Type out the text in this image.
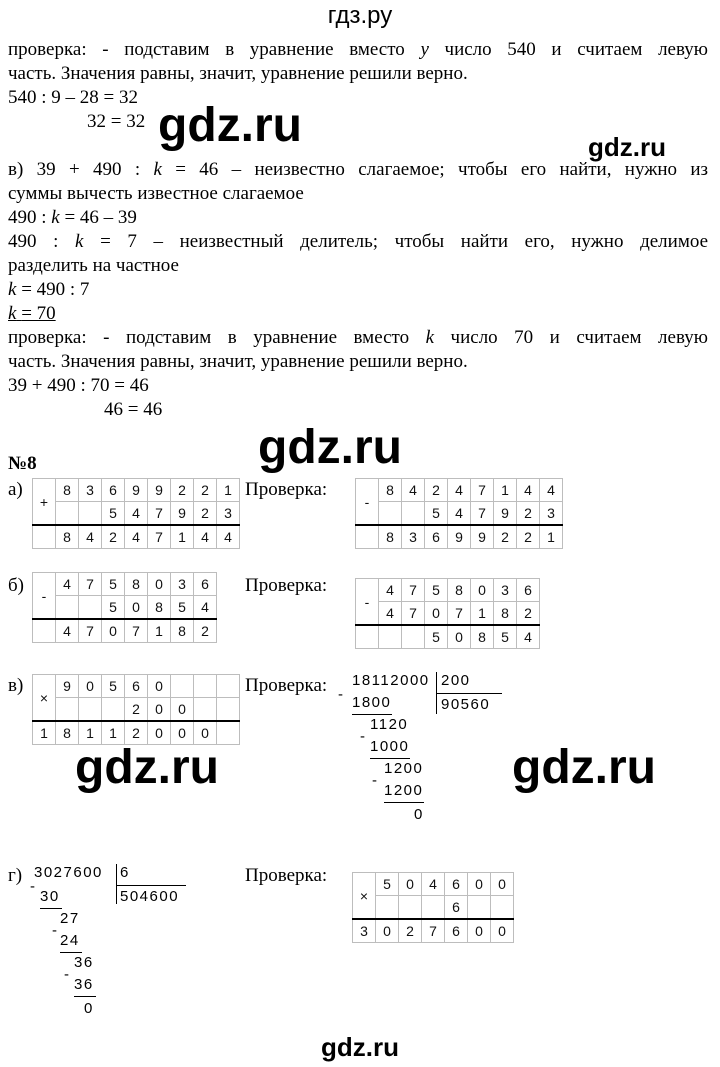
гдз.ру
проверка: - подставим в уравнение вместо y число 540 и считаем левую
часть. Значения равны, значит, уравнение решили верно.
540 : 9 – 28 = 32
32 = 32 gdz.ru	gdz.ru
в) 39 + 490 : k = 46 – неизвестно слагаемое; чтобы его найти, нужно из
суммы вычесть известное слагаемое
490 : k = 46 – 39
490 : k = 7 – неизвестный делитель; чтобы найти его, нужно делимое
разделить на частное
k = 490 : 7
k = 70
проверка: - подставим в уравнение вместо k число 70 и считаем левую
часть. Значения равны, значит, уравнение решили верно.
39 + 490 : 70 = 46
46 = 46
gdz.ru
№8
а)
+	8	3	6	9	9	2	2	1
			5	4	7	9	2	3
	8	4	2	4	7	1	4	4
Проверка:
-	8	4	2	4	7	1	4	4
			5	4	7	9	2	3
	8	3	6	9	9	2	2	1
б) -	4	7	5	8	0	3	6
			5	0	8	5	4
	4	7	0	7	1	8	2
Проверка:
-	4	7	5	8	0	3	6
	4	7	0	7	1	8	2
			5	0	8	5	4
в)
×	9	0	5	6	0			
				2	0	0		
1	8	1	1	2	0	0	0	
Проверка: 18112000 200
90560
- 1800
1120
-
1000
1200
-
1200
0
gdz.ru	gdz.ru
г) 3027600 6
504600
-
30
27
-
24
36
-
36
0
Проверка:
×	5	0	4	6	0	0
				6		
3	0	2	7	6	0	0
gdz.ru
